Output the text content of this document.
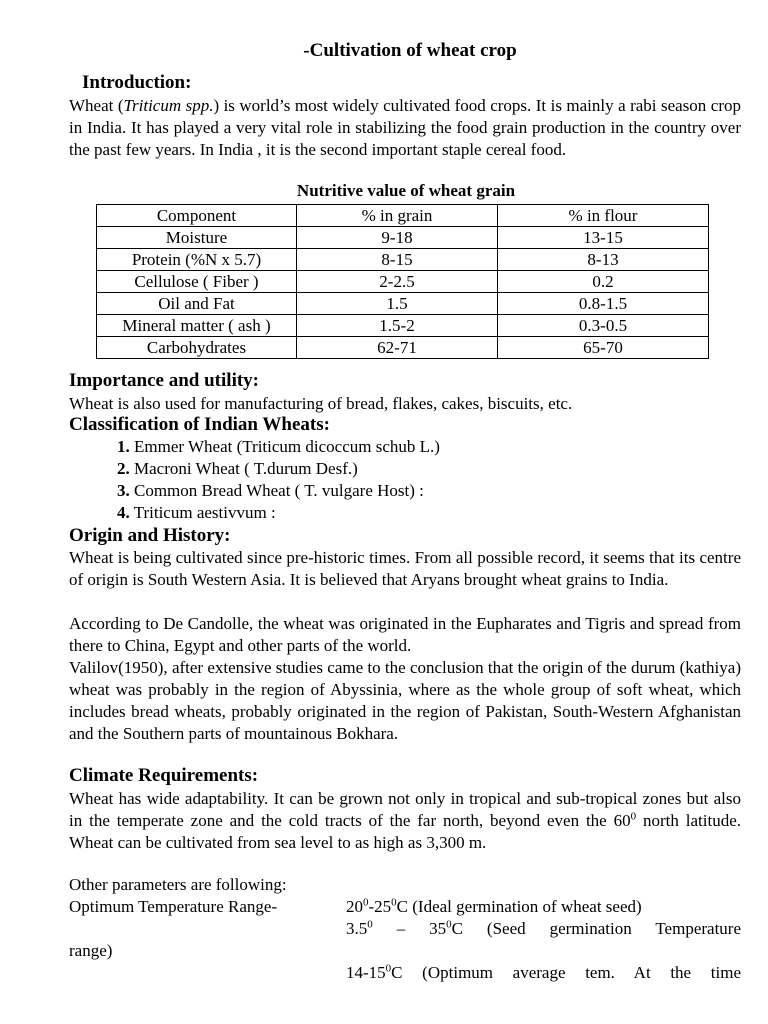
-Cultivation of wheat crop

Introduction:

Wheat (Triticum spp.) is world’s most widely cultivated food crops. It is mainly a rabi season crop in India. It has played a very vital role in stabilizing the food grain production in the country over the past few years. In India , it is the second important staple cereal food.

Nutritive value of wheat grain

Component	% in grain	% in flour
Moisture	9-18	13-15
Protein (%N x 5.7)	8-15	8-13
Cellulose ( Fiber )	2-2.5	0.2
Oil and Fat	1.5	0.8-1.5
Mineral matter ( ash )	1.5-2	0.3-0.5
Carbohydrates	62-71	65-70

Importance and utility:

Wheat is also used for manufacturing of bread, flakes, cakes, biscuits, etc.

Classification of Indian Wheats:

1. Emmer Wheat (Triticum dicoccum schub L.)
2. Macroni Wheat ( T.durum Desf.)
3. Common Bread Wheat ( T. vulgare Host) :
4. Triticum aestivvum :

Origin and History:

Wheat is being cultivated since pre-historic times. From all possible record, it seems that its centre of origin is South Western Asia. It is believed that Aryans brought wheat grains to India.

According to De Candolle, the wheat was originated in the Eupharates and Tigris and spread from there to China, Egypt and other parts of the world.

Valilov(1950), after extensive studies came to the conclusion that the origin of the durum (kathiya) wheat was probably in the region of Abyssinia, where as the whole group of soft wheat, which includes bread wheats, probably originated in the region of Pakistan, South-Western Afghanistan and the Southern parts of mountainous Bokhara.

Climate Requirements:

Wheat has wide adaptability. It can be grown not only in tropical and sub-tropical zones but also in the temperate zone and the cold tracts of the far north, beyond even the $60^0$ north latitude. Wheat can be cultivated from sea level to as high as 3,300 m.

Other parameters are following:

Optimum Temperature Range-	$20^0-25^0C$ (Ideal germination of wheat seed)

$3.5^0 - 35^0C$ (Seed germination Temperature

range)

$14-15^0C$ (Optimum average tem. At the time
